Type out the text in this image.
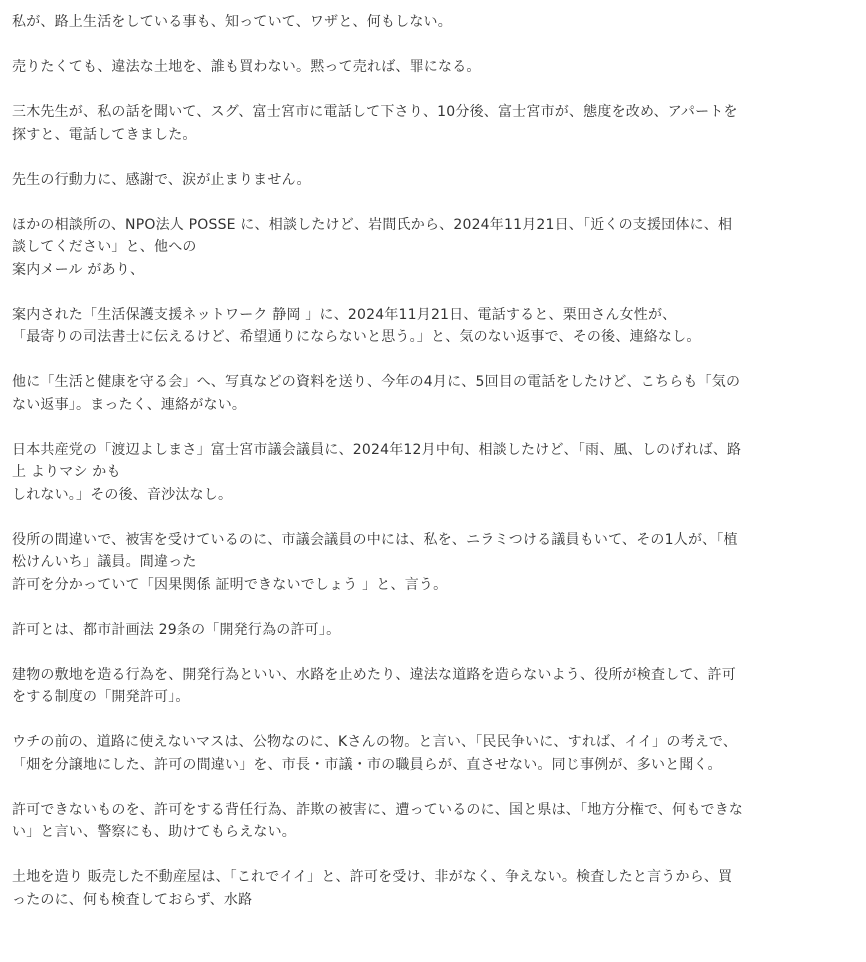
私が、路上生活をしている事も、知っていて、ワザと、何もしない。

売りたくても、違法な土地を、誰も買わない。黙って売れば、罪になる。

三木先生が、私の話を聞いて、スグ、富士宮市に電話して下さり、10分後、富士宮市が、態度を改め、アパートを
探すと、電話してきました。

先生の行動力に、感謝で、涙が止まりません。

ほかの相談所の、NPO法人 POSSE に、相談したけど、岩間氏から、2024年11月21日、「近くの支援団体に、相
談してください」と、他への
案内メール があり、

案内された「生活保護支援ネットワーク 静岡 」に、2024年11月21日、電話すると、栗田さん女性が、
「最寄りの司法書士に伝えるけど、希望通りにならないと思う。」と、気のない返事で、その後、連絡なし。

他に「生活と健康を守る会」へ、写真などの資料を送り、今年の4月に、5回目の電話をしたけど、こちらも「気の
ない返事」。まったく、連絡がない。

日本共産党の「渡辺よしまさ」富士宮市議会議員に、2024年12月中旬、相談したけど、「雨、風、しのげれば、路
上 よりマシ かも
しれない。」その後、音沙汰なし。

役所の間違いで、被害を受けているのに、市議会議員の中には、私を、ニラミつける議員もいて、その1人が、「植
松けんいち」議員。間違った
許可を分かっていて「因果関係 証明できないでしょう 」と、言う。

許可とは、都市計画法 29条の「開発行為の許可」。

建物の敷地を造る行為を、開発行為といい、水路を止めたり、違法な道路を造らないよう、役所が検査して、許可
をする制度の「開発許可」。

ウチの前の、道路に使えないマスは、公物なのに、Kさんの物。と言い、「民民争いに、すれば、イイ」の考えで、
「畑を分譲地にした、許可の間違い」を、市長・市議・市の職員らが、直させない。同じ事例が、多いと聞く。

許可できないものを、許可をする背任行為、詐欺の被害に、遭っているのに、国と県は、「地方分権で、何もできな
い」と言い、警察にも、助けてもらえない。

土地を造り 販売した不動産屋は、「これでイイ」と、許可を受け、非がなく、争えない。検査したと言うから、買
ったのに、何も検査しておらず、水路
